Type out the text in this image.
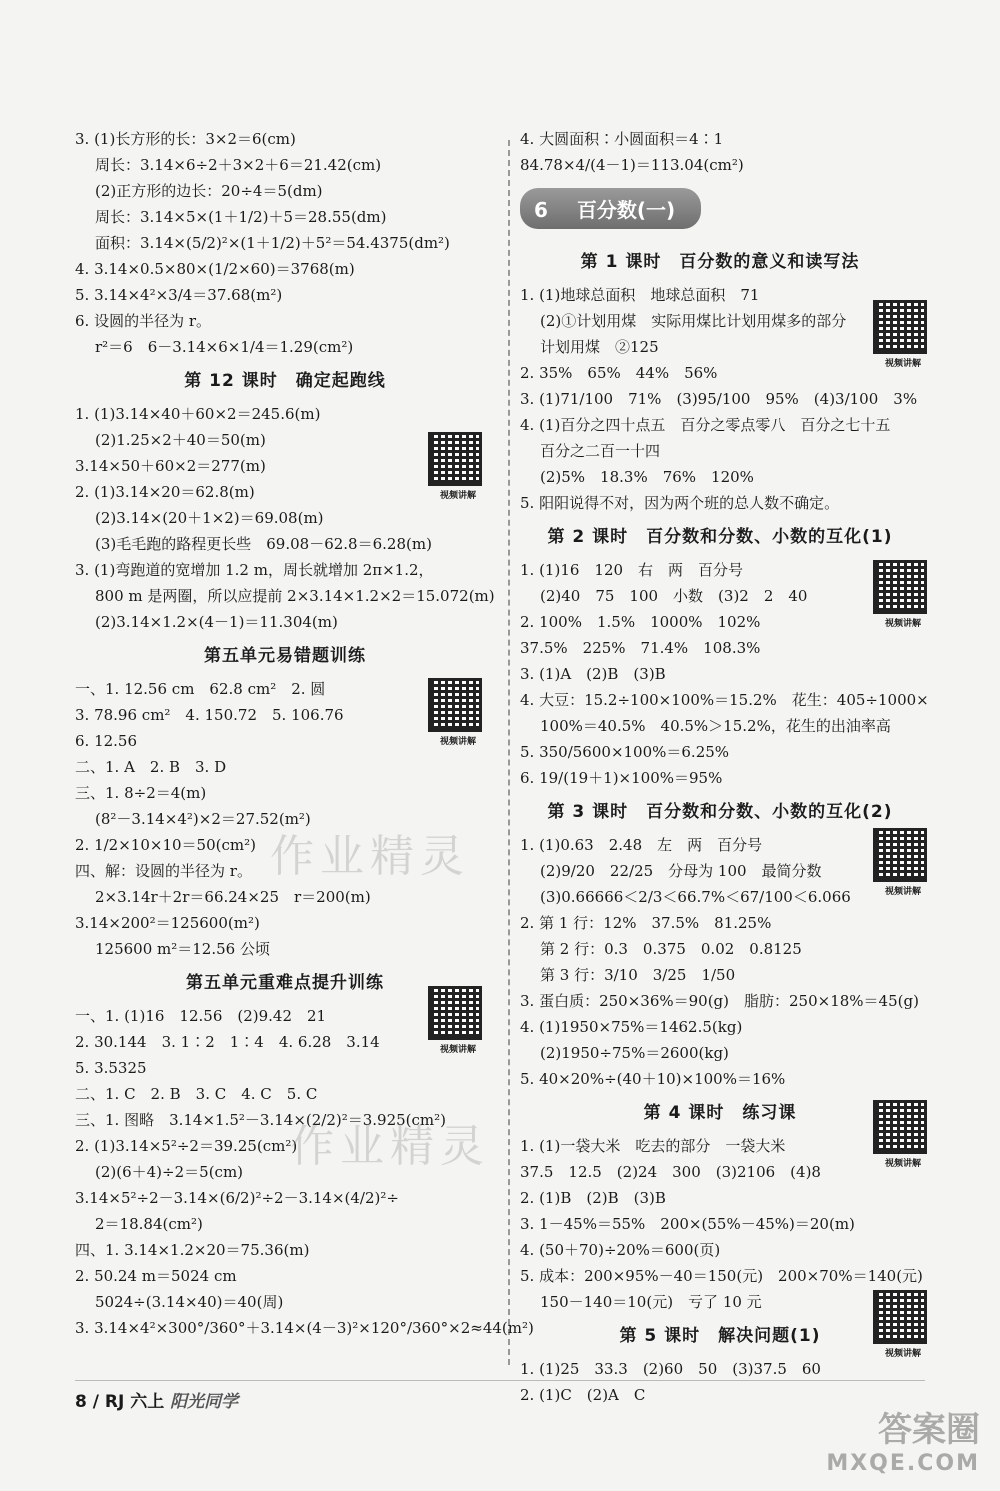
3. (1)长方形的长：3×2＝6(cm)
周长：3.14×6÷2＋3×2＋6＝21.42(cm)
(2)正方形的边长：20÷4＝5(dm)
周长：3.14×5×(1＋1/2)＋5＝28.55(dm)
面积：3.14×(5/2)²×(1＋1/2)＋5²＝54.4375(dm²)
4. 3.14×0.5×80×(1/2×60)＝3768(m)
5. 3.14×4²×3/4＝37.68(m²)
6. 设圆的半径为 r。
r²＝6　6－3.14×6×1/4＝1.29(cm²)
第 12 课时　确定起跑线
1. (1)3.14×40＋60×2＝245.6(m)
(2)1.25×2＋40＝50(m)
3.14×50＋60×2＝277(m)
2. (1)3.14×20＝62.8(m)
(2)3.14×(20＋1×2)＝69.08(m)
(3)毛毛跑的路程更长些　69.08－62.8＝6.28(m)
3. (1)弯跑道的宽增加 1.2 m，周长就增加 2π×1.2，
800 m 是两圈，所以应提前 2×3.14×1.2×2＝15.072(m)
(2)3.14×1.2×(4－1)＝11.304(m)
第五单元易错题训练
一、1. 12.56 cm　62.8 cm²　2. 圆
3. 78.96 cm²　4. 150.72　5. 106.76
6. 12.56
二、1. A　2. B　3. D
三、1. 8÷2＝4(m)
(8²－3.14×4²)×2＝27.52(m²)
2. 1/2×10×10＝50(cm²)
四、解：设圆的半径为 r。
2×3.14r＋2r＝66.24×25　r＝200(m)
3.14×200²＝125600(m²)
125600 m²＝12.56 公顷
第五单元重难点提升训练
一、1. (1)16　12.56　(2)9.42　21
2. 30.144　3. 1∶2　1∶4　4. 6.28　3.14
5. 3.5325
二、1. C　2. B　3. C　4. C　5. C
三、1. 图略　3.14×1.5²－3.14×(2/2)²＝3.925(cm²)
2. (1)3.14×5²÷2＝39.25(cm²)
(2)(6＋4)÷2＝5(cm)
3.14×5²÷2－3.14×(6/2)²÷2－3.14×(4/2)²÷
2＝18.84(cm²)
四、1. 3.14×1.2×20＝75.36(m)
2. 50.24 m＝5024 cm
5024÷(3.14×40)＝40(周)
3. 3.14×4²×300°/360°＋3.14×(4－3)²×120°/360°×2≈44(m²)
4. 大圆面积∶小圆面积＝4∶1
84.78×4/(4－1)＝113.04(cm²)
6 百分数(一)
第 1 课时　百分数的意义和读写法
1. (1)地球总面积　地球总面积　71
(2)①计划用煤　实际用煤比计划用煤多的部分
计划用煤　②125
2. 35%　65%　44%　56%
3. (1)71/100　71%　(3)95/100　95%　(4)3/100　3%
4. (1)百分之四十点五　百分之零点零八　百分之七十五
百分之二百一十四
(2)5%　18.3%　76%　120%
5. 阳阳说得不对，因为两个班的总人数不确定。
第 2 课时　百分数和分数、小数的互化(1)
1. (1)16　120　右　两　百分号
(2)40　75　100　小数　(3)2　2　40
2. 100%　1.5%　1000%　102%
37.5%　225%　71.4%　108.3%
3. (1)A　(2)B　(3)B
4. 大豆：15.2÷100×100%＝15.2%　花生：405÷1000×
100%＝40.5%　40.5%＞15.2%，花生的出油率高
5. 350/5600×100%＝6.25%
6. 19/(19＋1)×100%＝95%
第 3 课时　百分数和分数、小数的互化(2)
1. (1)0.63　2.48　左　两　百分号
(2)9/20　22/25　分母为 100　最简分数
(3)0.66666＜2/3＜66.7%＜67/100＜6.066
2. 第 1 行：12%　37.5%　81.25%
第 2 行：0.3　0.375　0.02　0.8125
第 3 行：3/10　3/25　1/50
3. 蛋白质：250×36%＝90(g)　脂肪：250×18%＝45(g)
4. (1)1950×75%＝1462.5(kg)
(2)1950÷75%＝2600(kg)
5. 40×20%÷(40＋10)×100%＝16%
第 4 课时　练习课
1. (1)一袋大米　吃去的部分　一袋大米
37.5　12.5　(2)24　300　(3)2106　(4)8
2. (1)B　(2)B　(3)B
3. 1－45%＝55%　200×(55%－45%)＝20(m)
4. (50＋70)÷20%＝600(页)
5. 成本：200×95%－40＝150(元)　200×70%＝140(元)
150－140＝10(元)　亏了 10 元
第 5 课时　解决问题(1)
1. (1)25　33.3　(2)60　50　(3)37.5　60
2. (1)C　(2)A　C
视频讲解
视频讲解
视频讲解
视频讲解
视频讲解
视频讲解
视频讲解
视频讲解
作业精灵
作业精灵
8 / RJ 六上 阳光同学
答案圈
MXQE.COM
